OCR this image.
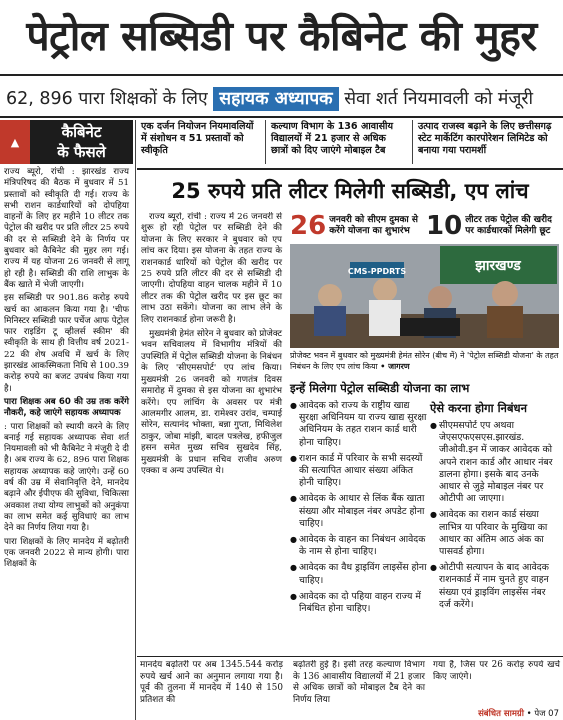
पेट्रोल सब्सिडी पर कैबिनेट की मुहर
62, 896 पारा शिक्षकों के लिए सहायक अध्यापक सेवा शर्त नियमावली को मंजूरी
▲
कैबिनेट
के फैसले

राज्य ब्यूरो, रांची : झारखंड राज्य मंत्रिपरिषद की बैठक में बुधवार में 51 प्रस्तावों को स्वीकृति दी गई। राज्य के सभी राशन कार्डधारियों को दोपहिया वाहनों के लिए हर महीने 10 लीटर तक पेट्रोल की खरीद पर प्रति लीटर 25 रुपये की दर से सब्सिडी देने के निर्णय पर बुधवार को कैबिनेट की मुहर लग गई। राज्य में यह योजना 26 जनवरी से लागू हो रही है। सब्सिडी की राशि लाभुक के बैंक खाते में भेजी जाएगी।

इस सब्सिडी पर 901.86 करोड़ रुपये खर्च का आकलन किया गया है। 'चीफ मिनिस्टर सब्सिडी फार पर्चेज आफ पेट्रोल फार राइडिंग टू व्हीलर्स स्कीम' की स्वीकृति के साथ ही वित्तीय वर्ष 2021-22 की शेष अवधि में खर्च के लिए झारखंड आकस्मिकता निधि से 100.39 करोड़ रुपये का बजट उपबंध किया गया है।

पारा शिक्षक अब 60 की उम्र तक करेंगे नौकरी, कहे जाएंगे सहायक अध्यापक

: पारा शिक्षकों को स्थायी करने के लिए बनाई गई सहायक अध्यापक सेवा शर्त नियमावली को भी कैबिनेट ने मंजूरी दे दी है। अब राज्य के 62, 896 पारा शिक्षक सहायक अध्यापक कहे जाएंगे। उन्हें 60 वर्ष की उम्र में सेवानिवृत्ति देने, मानदेय बढ़ाने और ईपीएफ की सुविधा, चिकित्सा अवकाश तथा योग्य लाभुकों को अनुकंपा का लाभ समेत कई सुविधाएं का लाभ देने का निर्णय लिया गया है।

पारा शिक्षकों के लिए मानदेय में बढ़ोतरी एक जनवरी 2022 से मान्य होगी। पारा शिक्षकों के

एक दर्जन नियोजन नियमावलियों में संशोधन व 51 प्रस्तावों को स्वीकृति
कल्याण विभाग के 136 आवासीय विद्यालयों में 21 हजार से अधिक छात्रों को दिए जाएंगे मोबाइल टैब
उत्पाद राजस्व बढ़ाने के लिए छत्तीसगढ़ स्टेट मार्केटिंग कारपोरेशन लिमिटेड को बनाया गया परामर्शी
25 रुपये प्रति लीटर मिलेगी सब्सिडी, एप लांच

राज्य ब्यूरो, रांची : राज्य में 26 जनवरी से शुरू हो रही पेट्रोल पर सब्सिडी देने की योजना के लिए सरकार ने बुधवार को एप लांच कर दिया। इस योजना के तहत राज्य के राशनकार्ड धारियों को पेट्रोल की खरीद पर 25 रुपये प्रति लीटर की दर से सब्सिडी दी जाएगी। दोपहिया वाहन चालक महीने में 10 लीटर तक की पेट्रोल खरीद पर इस छूट का लाभ उठा सकेंगे। योजना का लाभ लेने के लिए राशनकार्ड होना जरूरी है।

मुख्यमंत्री हेमंत सोरेन ने बुधवार को प्रोजेक्ट भवन सचिवालय में विभागीय मंत्रियों की उपस्थिति में पेट्रोल सब्सिडी योजना के निबंधन के लिए 'सीएमसपोर्ट' एप लांच किया। मुख्यमंत्री 26 जनवरी को गणतंत्र दिवस समारोह में दुमका से इस योजना का शुभारंभ करेंगे। एप लांचिंग के अवसर पर मंत्री आलमगीर आलम, डा. रामेश्वर उरांव, चम्पाई सोरेन, सत्यानंद भोक्ता, बन्ना गुप्ता, मिथिलेश ठाकुर, जोबा मांझी, बादल पत्रलेख, हफीजुल हसन समेत मुख्य सचिव सुखदेव सिंह, मुख्यमंत्री के प्रधान सचिव राजीव अरुण एक्का व अन्य उपस्थित थे।

26 जनवरी को सीएम दुमका से करेंगे योजना का शुभारंभ 10 लीटर तक पेट्रोल की खरीद पर कार्डधारकों मिलेगी छूट
झारखण्ड
CMS-PPDRTS
प्रोजेक्ट भवन में बुधवार को मुख्यमंत्री हेमंत सोरेन (बीच में) ने 'पेट्रोल सब्सिडी योजना' के तहत निबंधन के लिए एप लांच किया • जागरण
इन्हें मिलेगा पेट्रोल सब्सिडी योजना का लाभ
● आवेदक को राज्य के राष्ट्रीय खाद्य सुरक्षा अधिनियम या राज्य खाद्य सुरक्षा अधिनियम के तहत राशन कार्ड धारी होना चाहिए।
● राशन कार्ड में परिवार के सभी सदस्यों की सत्यापित आधार संख्या अंकित होनी चाहिए।
● आवेदक के आधार से लिंक बैंक खाता संख्या और मोबाइल नंबर अपडेट होना चाहिए।
● आवेदक के वाहन का निबंधन आवेदक के नाम से होना चाहिए।
● आवेदक का वैध ड्राइविंग लाइसेंस होना चाहिए।
● आवेदक का दो पहिया वाहन राज्य में निबंधित होना चाहिए।
ऐसे करना होगा निबंधन
● सीएमसपोर्ट एप अथवा जेएसएफएसएस.झारखंड. जीओवी.इन में जाकर आवेदक को अपने राशन कार्ड और आधार नंबर डालना होगा। इसके बाद उनके आधार से जुड़े मोबाइल नंबर पर ओटीपी आ जाएगा।
● आवेदक का राशन कार्ड संख्या लाभित्र या परिवार के मुखिया का आधार का अंतिम आठ अंक का पासवर्ड होगा।
● ओटीपी सत्यापन के बाद आवेदक राशनकार्ड में नाम चुनते हुए वाहन संख्या एवं ड्राइविंग लाइसेंस नंबर दर्ज करेंगे।
मानदेय बढ़ोतरी पर अब 1345.544 करोड़ रुपये खर्च आने का अनुमान लगाया गया है। पूर्व की तुलना में मानदेय में 140 से 150 प्रतिशत की
बढ़ोतरी हुई है। इसी तरह कल्याण विभाग के 136 आवासीय विद्यालयों में 21 हजार से अधिक छात्रों को मोबाइल टैब देने का निर्णय लिया
गया है, जिस पर 26 करोड़ रुपये खर्च किए जाएंगे।
संबंधित सामग्री • पेज 07
